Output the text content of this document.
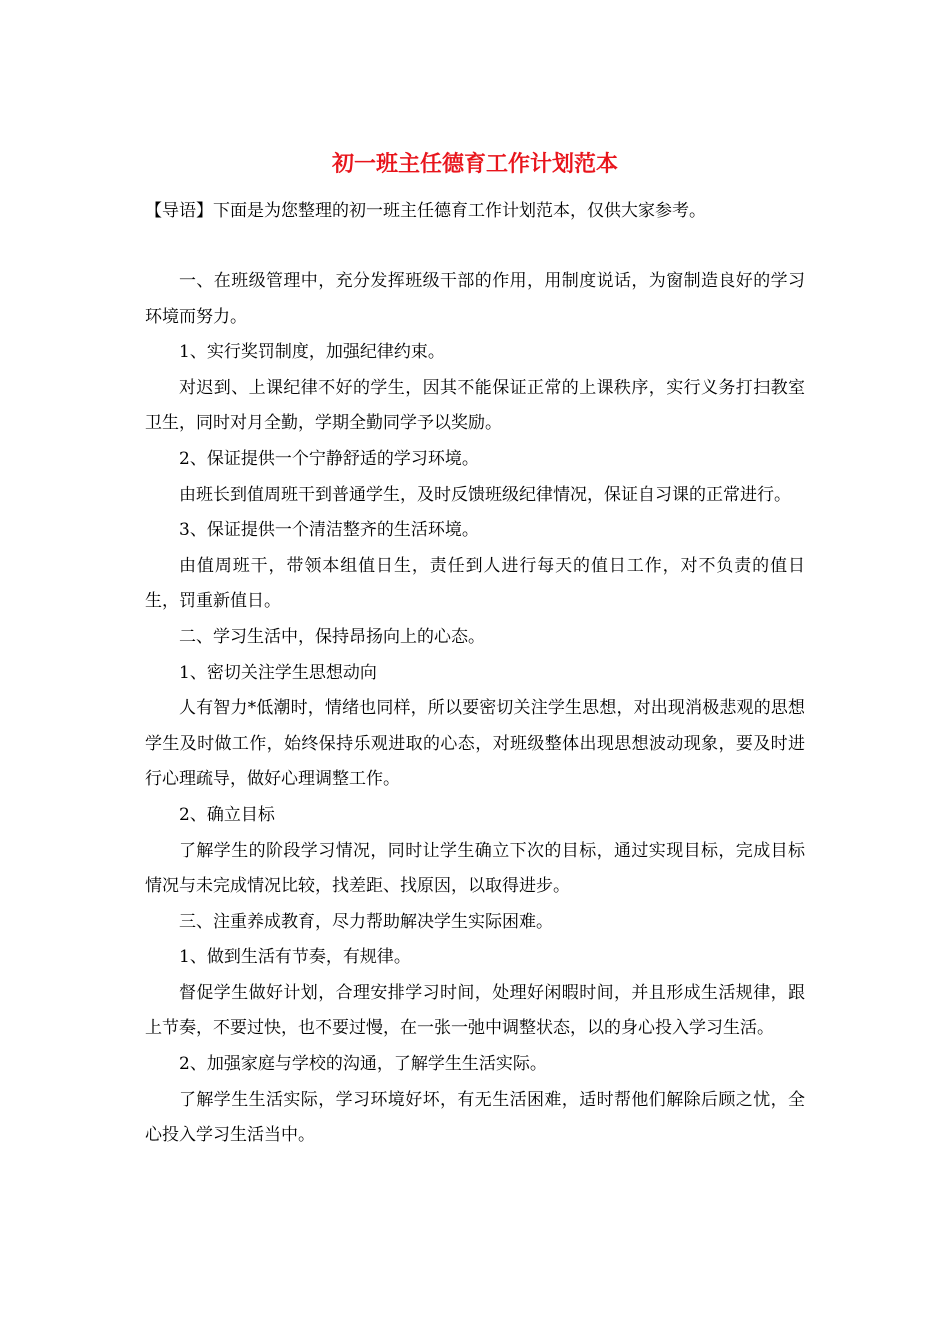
初一班主任德育工作计划范本
【导语】下面是为您整理的初一班主任德育工作计划范本，仅供大家参考。

一、在班级管理中，充分发挥班级干部的作用，用制度说话，为窗制造良好的学习环境而努力。

1、实行奖罚制度，加强纪律约束。

对迟到、上课纪律不好的学生，因其不能保证正常的上课秩序，实行义务打扫教室卫生，同时对月全勤，学期全勤同学予以奖励。

2、保证提供一个宁静舒适的学习环境。

由班长到值周班干到普通学生，及时反馈班级纪律情况，保证自习课的正常进行。

3、保证提供一个清洁整齐的生活环境。

由值周班干，带领本组值日生，责任到人进行每天的值日工作，对不负责的值日生，罚重新值日。

二、学习生活中，保持昂扬向上的心态。

1、密切关注学生思想动向

人有智力*低潮时，情绪也同样，所以要密切关注学生思想，对出现消极悲观的思想学生及时做工作，始终保持乐观进取的心态，对班级整体出现思想波动现象，要及时进行心理疏导，做好心理调整工作。

2、确立目标

了解学生的阶段学习情况，同时让学生确立下次的目标，通过实现目标，完成目标情况与未完成情况比较，找差距、找原因，以取得进步。

三、注重养成教育，尽力帮助解决学生实际困难。

1、做到生活有节奏，有规律。

督促学生做好计划，合理安排学习时间，处理好闲暇时间，并且形成生活规律，跟上节奏，不要过快，也不要过慢，在一张一弛中调整状态，以的身心投入学习生活。

2、加强家庭与学校的沟通，了解学生生活实际。

了解学生生活实际，学习环境好坏，有无生活困难，适时帮他们解除后顾之忧，全心投入学习生活当中。
